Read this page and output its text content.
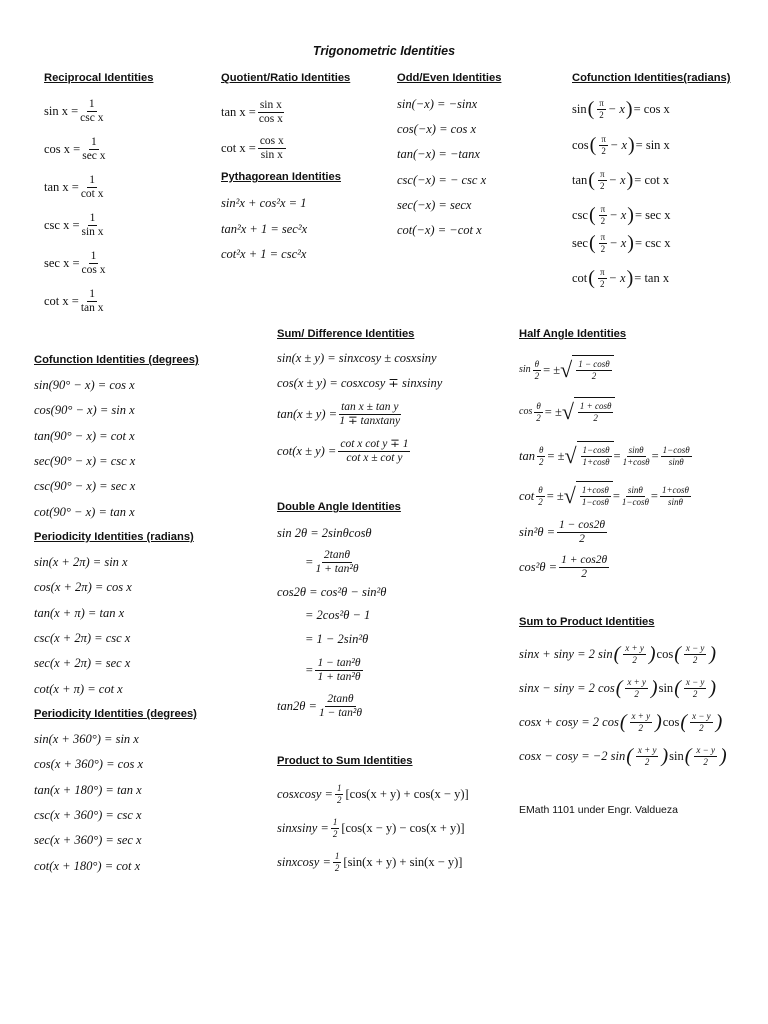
Trigonometric Identities
Reciprocal Identities	Quotient/Ratio Identities
Pythagorean Identities
Odd/Even Identities	Cofunction Identities(radians)
Sum/ Difference Identities
sin(x ± y) = sinxcosy ± cosxsiny
cos(x ± y) = cosxcosy ∓ sinxsiny
$\tan(x \pm y) = \frac{\text{tan x ± tan y}}{\text{1 ∓ tanxtany}}$
$\cot(x \pm y) = \frac{\text{cot x cot y ∓ 1}}{\text{cot x ± cot y}}$
Cofunction Identities (degrees)
Periodicity Identities (radians)
Periodicity Identities (degrees)
Double Angle Identities
sin 2θ = 2sinθcosθ
= $\frac{2\tan\theta}{\text{1 + tan²θ}}$
cos2θ = cos²θ − sin²θ
= 2cos²θ − 1
= 1 − 2sin²θ
= $\frac{\text{1 − tan²θ}}{\text{1 + tan²θ}}$
$\tan 2\theta = \frac{2\tan\theta}{\text{1 − tan²θ}}$
Product to Sum Identities
Half Angle Identities
$\sin \frac{\theta}{2}$ = ± √ $\frac{1 - \cos\theta}{2}$
$\cos \frac{\theta}{2}$ = ± √ $\frac{1 + \cos\theta}{2}$
$\tan \frac{\theta}{2}$ = ± √ $\frac{1-\cos\theta}{1+\cos\theta} = \frac{\sin\theta}{1+\cos\theta} = \frac{1-\cos\theta}{\sin\theta}$
$\cot \frac{\theta}{2}$ = ± √ $\frac{1+\cos\theta}{1-\cos\theta} = \frac{\sin\theta}{1-\cos\theta} = \frac{1+\cos\theta}{\sin\theta}$
$\sin^2\theta = \frac{1 - \cos 2\theta}{2}$
$\cos^2\theta = \frac{1 + \cos 2\theta}{2}$
Sum to Product Identities
EMath 1101 under Engr. Valdueza
$\sin x = \frac{1}{\text{csc x}}$
$\cos x = \frac{1}{\text{sec x}}$
$\tan x = \frac{1}{\text{cot x}}$
$\csc x = \frac{1}{\text{sin x}}$
$\sec x = \frac{1}{\text{cos x}}$
$\cot x = \frac{1}{\text{tan x}}$
$\tan x = \frac{\text{sin x}}{\text{cos x}}$
$\cot x = \frac{\text{cos x}}{\text{sin x}}$
sin²x + cos²x = 1
tan²x + 1 = sec²x
cot²x + 1 = csc²x
sin(−x) = −sinx
cos(−x) = cos x
tan(−x) = −tanx
csc(−x) = − csc x
sec(−x) = secx
cot(−x) = −cot x
sin ( $\frac{\pi}{2} - x$ ) = cos x
cos ( $\frac{\pi}{2} - x$ ) = sin x
tan ( $\frac{\pi}{2} - x$ ) = cot x
csc ( $\frac{\pi}{2} - x$ ) = sec x
sec ( $\frac{\pi}{2} - x$ ) = csc x
cot ( $\frac{\pi}{2} - x$ ) = tan x
sin(90° − x) = cos x
cos(90° − x) = sin x
tan(90° − x) = cot x
sec(90° − x) = csc x
csc(90° − x) = sec x
cot(90° − x) = tan x
sin(x + 2π) = sin x
cos(x + 2π) = cos x
tan(x + π) = tan x
csc(x + 2π) = csc x
sec(x + 2π) = sec x
cot(x + π) = cot x
sin(x + 360°) = sin x
cos(x + 360°) = cos x
tan(x + 180°) = tan x
csc(x + 360°) = csc x
sec(x + 360°) = sec x
cot(x + 180°) = cot x
cosxcosy = $\frac{1}{2} [\cos(x + y) + \cos(x - y)]$
sinxsiny = $\frac{1}{2} [\cos(x - y) - \cos(x + y)]$
sinxcosy = $\frac{1}{2} [\sin(x + y) + \sin(x - y)]$
sinx + siny = 2 sin ( $\frac{x + y}{2}$ ) cos ( $\frac{x - y}{2}$ )
sinx − siny = 2 cos ( $\frac{x + y}{2}$ ) sin ( $\frac{x - y}{2}$ )
cosx + cosy = 2 cos ( $\frac{x + y}{2}$ ) cos ( $\frac{x - y}{2}$ )
cosx − cosy = −2 sin ( $\frac{x + y}{2}$ ) sin ( $\frac{x - y}{2}$ )
